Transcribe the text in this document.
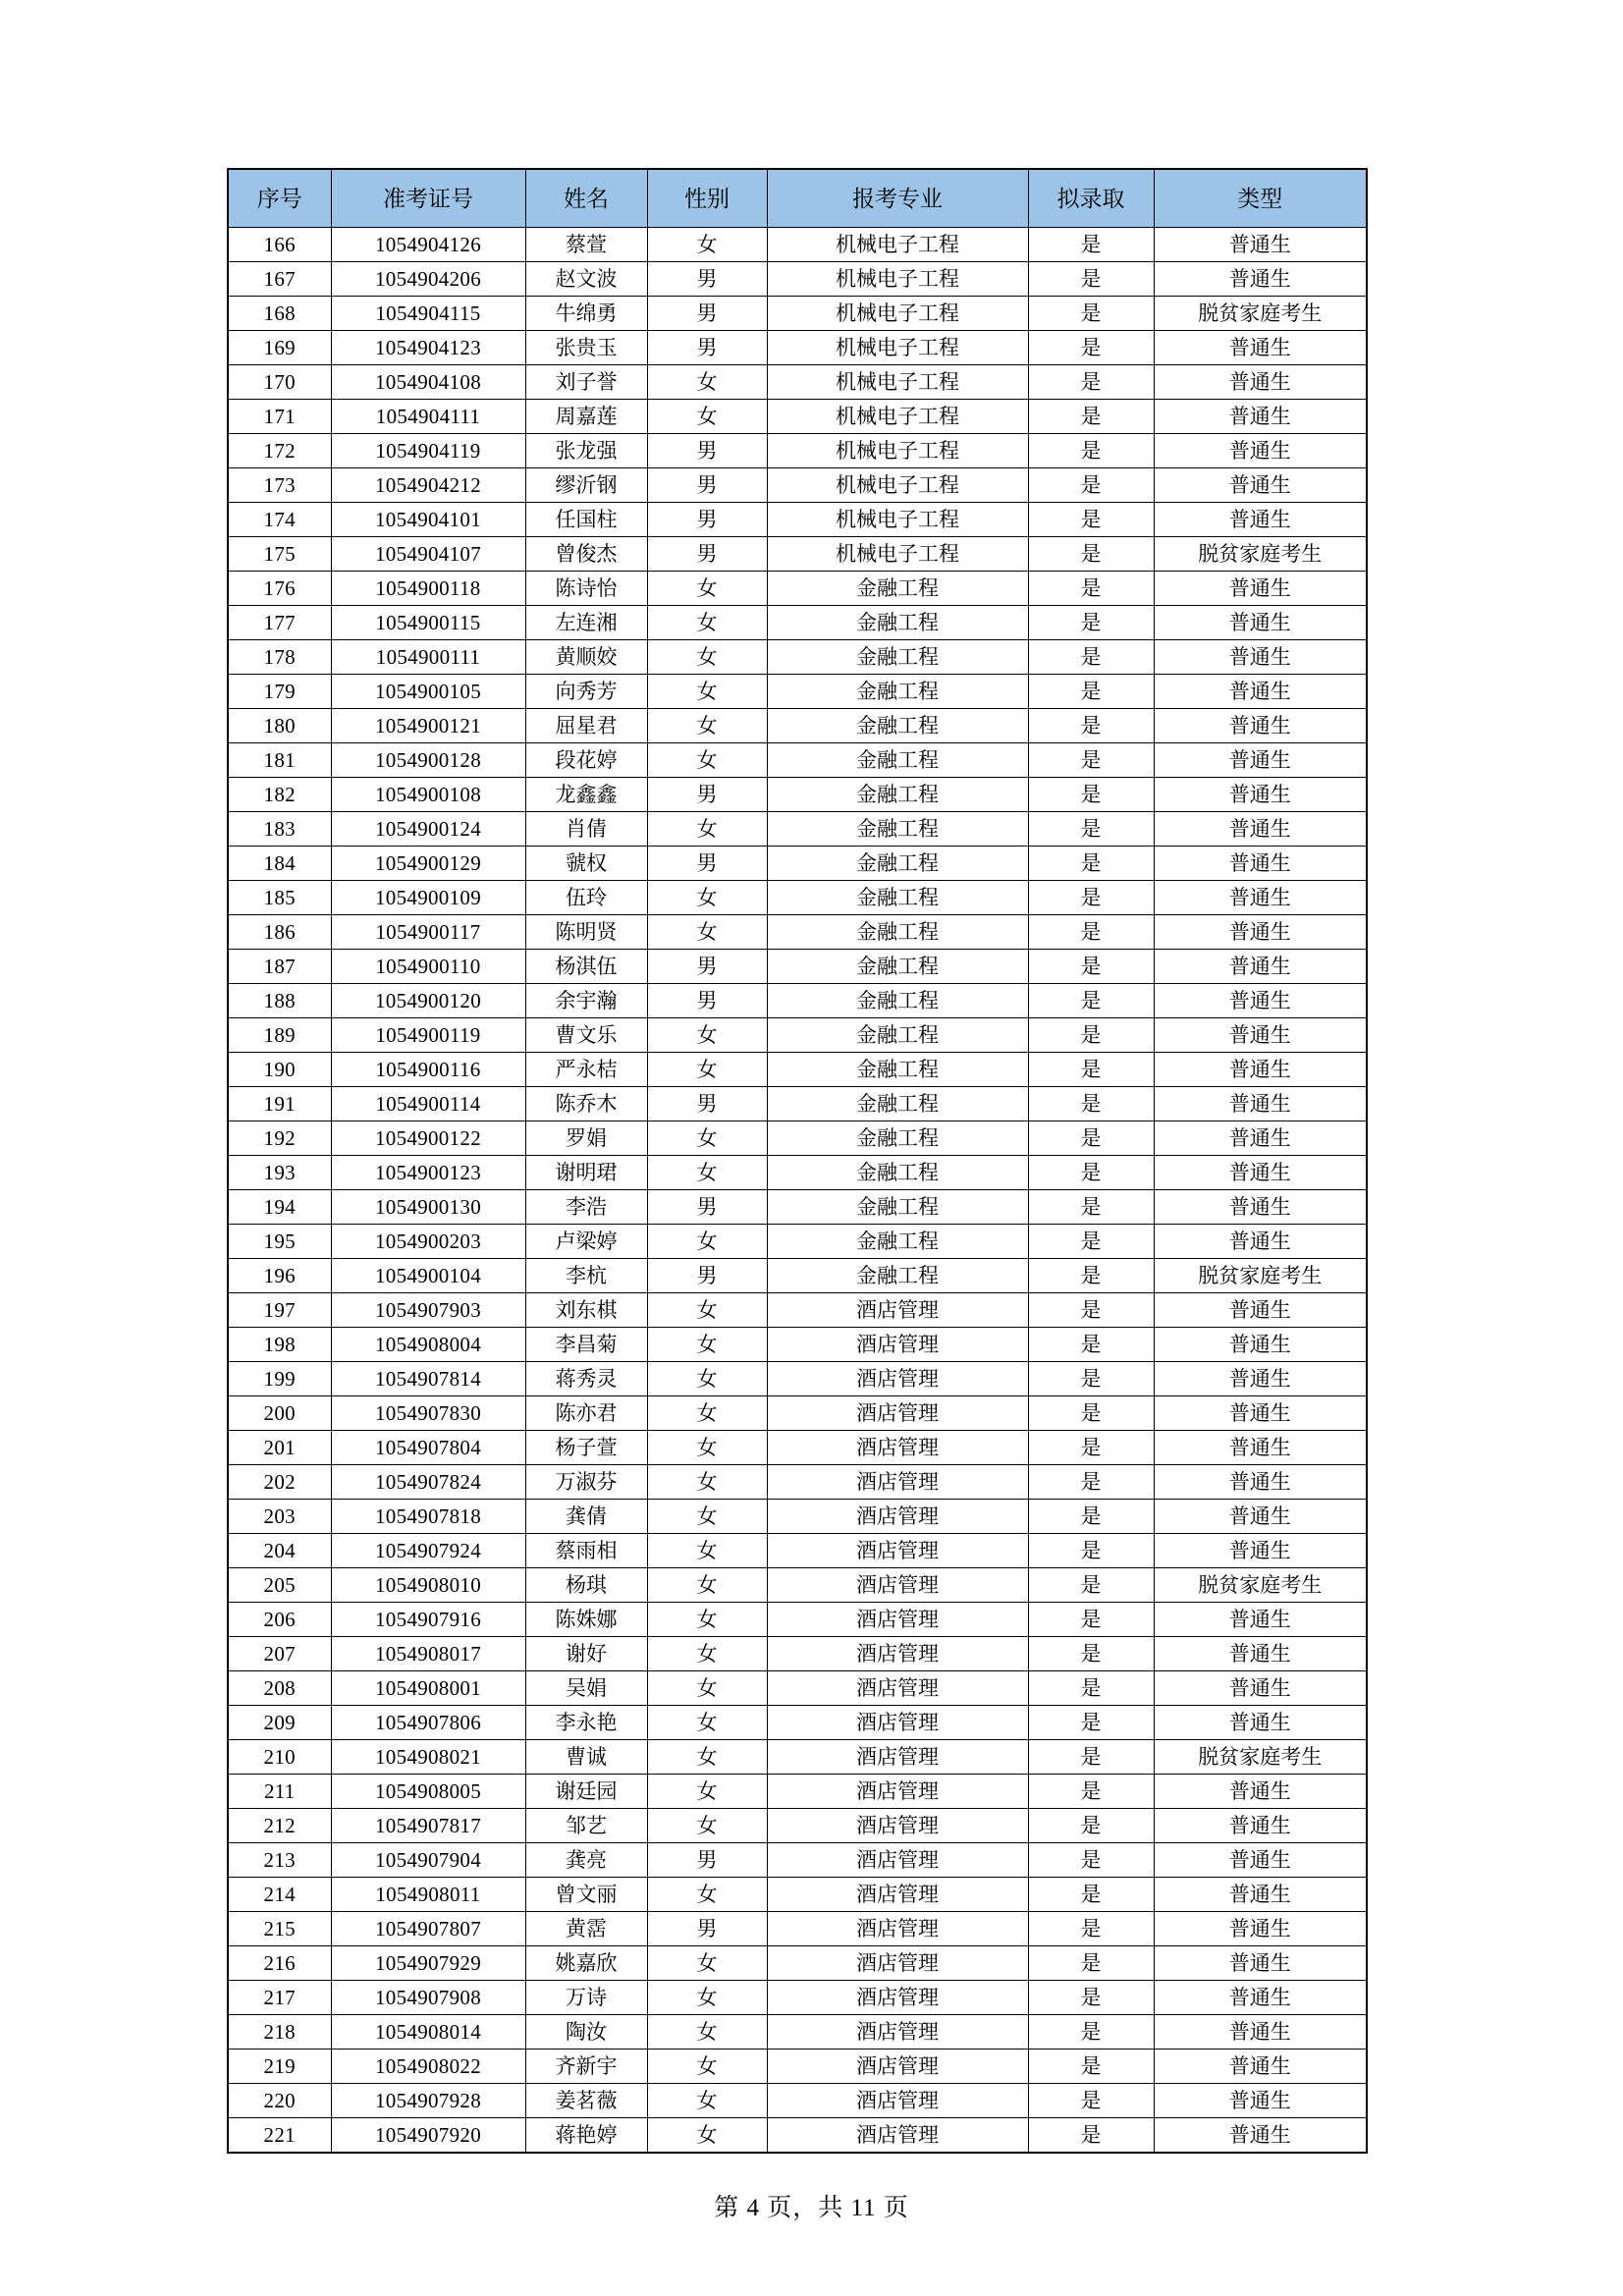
序号	准考证号	姓名	性别	报考专业	拟录取	类型
166	1054904126	蔡萱	女	机械电子工程	是	普通生
167	1054904206	赵文波	男	机械电子工程	是	普通生
168	1054904115	牛绵勇	男	机械电子工程	是	脱贫家庭考生
169	1054904123	张贵玉	男	机械电子工程	是	普通生
170	1054904108	刘子誉	女	机械电子工程	是	普通生
171	1054904111	周嘉莲	女	机械电子工程	是	普通生
172	1054904119	张龙强	男	机械电子工程	是	普通生
173	1054904212	缪沂钢	男	机械电子工程	是	普通生
174	1054904101	任国柱	男	机械电子工程	是	普通生
175	1054904107	曾俊杰	男	机械电子工程	是	脱贫家庭考生
176	1054900118	陈诗怡	女	金融工程	是	普通生
177	1054900115	左连湘	女	金融工程	是	普通生
178	1054900111	黄顺姣	女	金融工程	是	普通生
179	1054900105	向秀芳	女	金融工程	是	普通生
180	1054900121	屈星君	女	金融工程	是	普通生
181	1054900128	段花婷	女	金融工程	是	普通生
182	1054900108	龙鑫鑫	男	金融工程	是	普通生
183	1054900124	肖倩	女	金融工程	是	普通生
184	1054900129	虢权	男	金融工程	是	普通生
185	1054900109	伍玲	女	金融工程	是	普通生
186	1054900117	陈明贤	女	金融工程	是	普通生
187	1054900110	杨淇伍	男	金融工程	是	普通生
188	1054900120	余宇瀚	男	金融工程	是	普通生
189	1054900119	曹文乐	女	金融工程	是	普通生
190	1054900116	严永桔	女	金融工程	是	普通生
191	1054900114	陈乔木	男	金融工程	是	普通生
192	1054900122	罗娟	女	金融工程	是	普通生
193	1054900123	谢明珺	女	金融工程	是	普通生
194	1054900130	李浩	男	金融工程	是	普通生
195	1054900203	卢梁婷	女	金融工程	是	普通生
196	1054900104	李杭	男	金融工程	是	脱贫家庭考生
197	1054907903	刘东棋	女	酒店管理	是	普通生
198	1054908004	李昌菊	女	酒店管理	是	普通生
199	1054907814	蒋秀灵	女	酒店管理	是	普通生
200	1054907830	陈亦君	女	酒店管理	是	普通生
201	1054907804	杨子萱	女	酒店管理	是	普通生
202	1054907824	万淑芬	女	酒店管理	是	普通生
203	1054907818	龚倩	女	酒店管理	是	普通生
204	1054907924	蔡雨相	女	酒店管理	是	普通生
205	1054908010	杨琪	女	酒店管理	是	脱贫家庭考生
206	1054907916	陈姝娜	女	酒店管理	是	普通生
207	1054908017	谢好	女	酒店管理	是	普通生
208	1054908001	吴娟	女	酒店管理	是	普通生
209	1054907806	李永艳	女	酒店管理	是	普通生
210	1054908021	曹诚	女	酒店管理	是	脱贫家庭考生
211	1054908005	谢廷园	女	酒店管理	是	普通生
212	1054907817	邹艺	女	酒店管理	是	普通生
213	1054907904	龚亮	男	酒店管理	是	普通生
214	1054908011	曾文丽	女	酒店管理	是	普通生
215	1054907807	黄霑	男	酒店管理	是	普通生
216	1054907929	姚嘉欣	女	酒店管理	是	普通生
217	1054907908	万诗	女	酒店管理	是	普通生
218	1054908014	陶汝	女	酒店管理	是	普通生
219	1054908022	齐新宇	女	酒店管理	是	普通生
220	1054907928	姜茗薇	女	酒店管理	是	普通生
221	1054907920	蒋艳婷	女	酒店管理	是	普通生
第 4 页，共 11 页
